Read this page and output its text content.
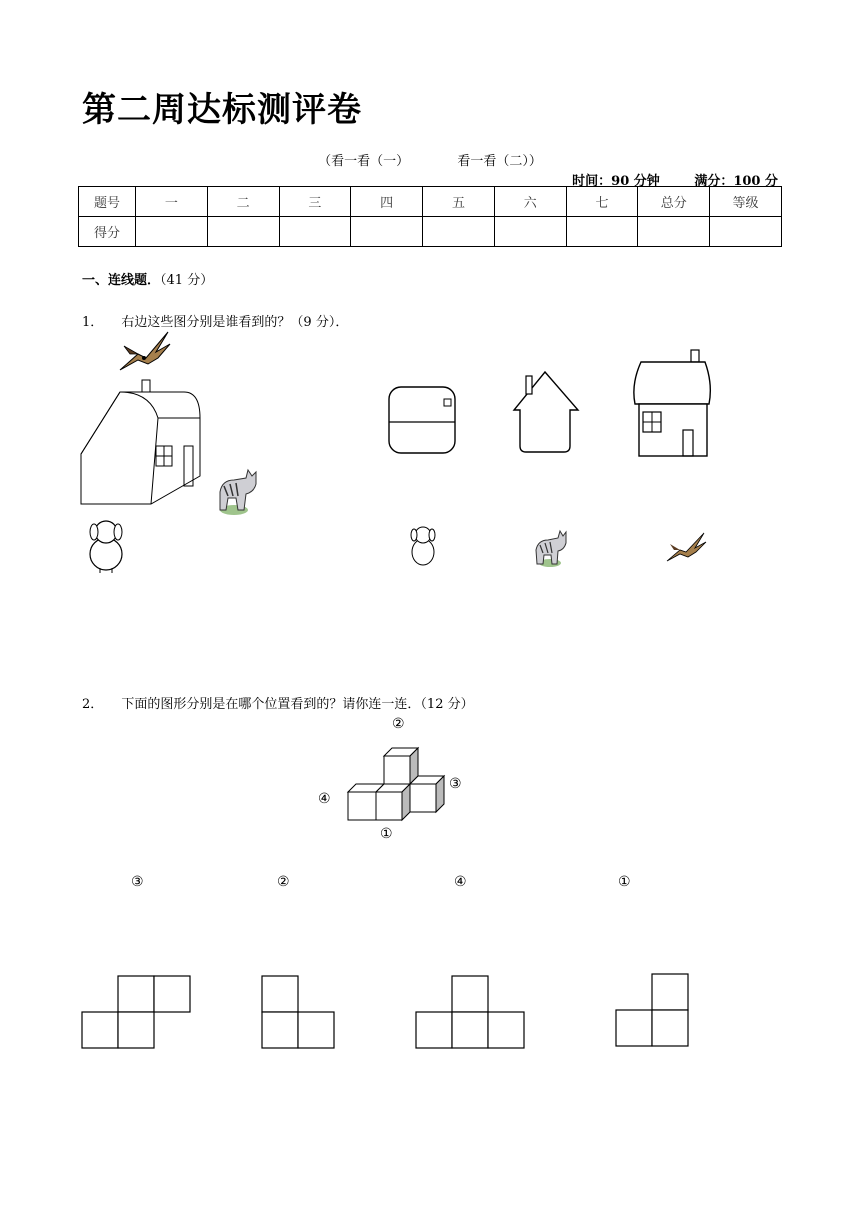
第二周达标测评卷
（看一看（一）	看一看（二））
时间：90 分钟	满分：100 分
题号	一	二	三	四	五	六	七	总分	等级
得分									
一、连线题．（41 分）
1． 右边这些图分别是谁看到的？（9 分）．
2． 下面的图形分别是在哪个位置看到的？请你连一连．（12 分）
②
④
③
①
③	②	④	①
